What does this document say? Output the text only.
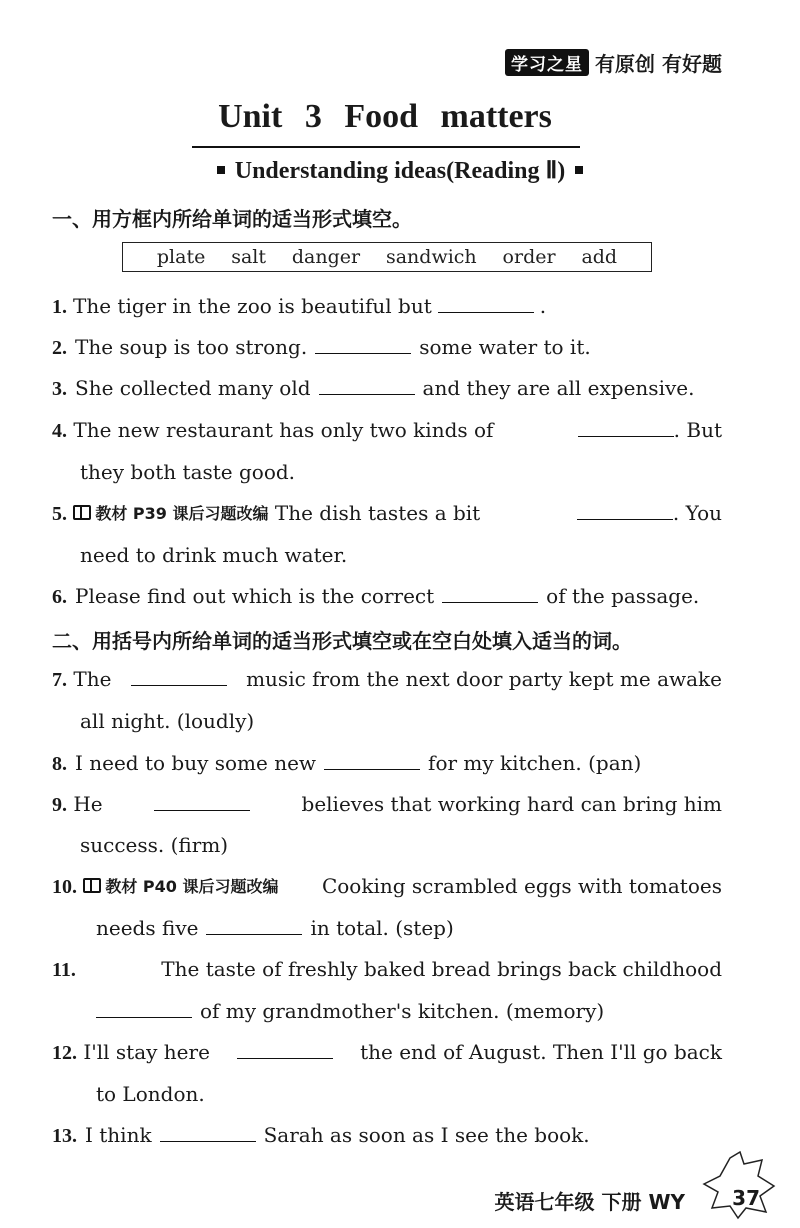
学习之星 有原创 有好题
Unit 3 Food matters
Understanding ideas(Reading Ⅱ)
一、用方框内所给单词的适当形式填空。
plate salt danger sandwich order add
1. The tiger in the zoo is beautiful but	.
2. The soup is too strong.	some water to it.
3. She collected many old	and they are all expensive.
4. The new restaurant has only two kinds of	. But
they both taste good.
5. 教材 P39 课后习题改编 The dish tastes a bit	. You
need to drink much water.
6. Please find out which is the correct	of the passage.
二、用括号内所给单词的适当形式填空或在空白处填入适当的词。
7. The	music from the next door party kept me awake
all night. (loudly)
8. I need to buy some new	for my kitchen. (pan)
9. He	believes that working hard can bring him
success. (firm)
10. 教材 P40 课后习题改编 Cooking scrambled eggs with tomatoes
needs five	in total. (step)
11.	The taste of freshly baked bread brings back childhood
of my grandmother's kitchen. (memory)
12. I'll stay here	the end of August. Then I'll go back
to London.
13. I think	Sarah as soon as I see the book.
英语七年级 下册 WY 37
